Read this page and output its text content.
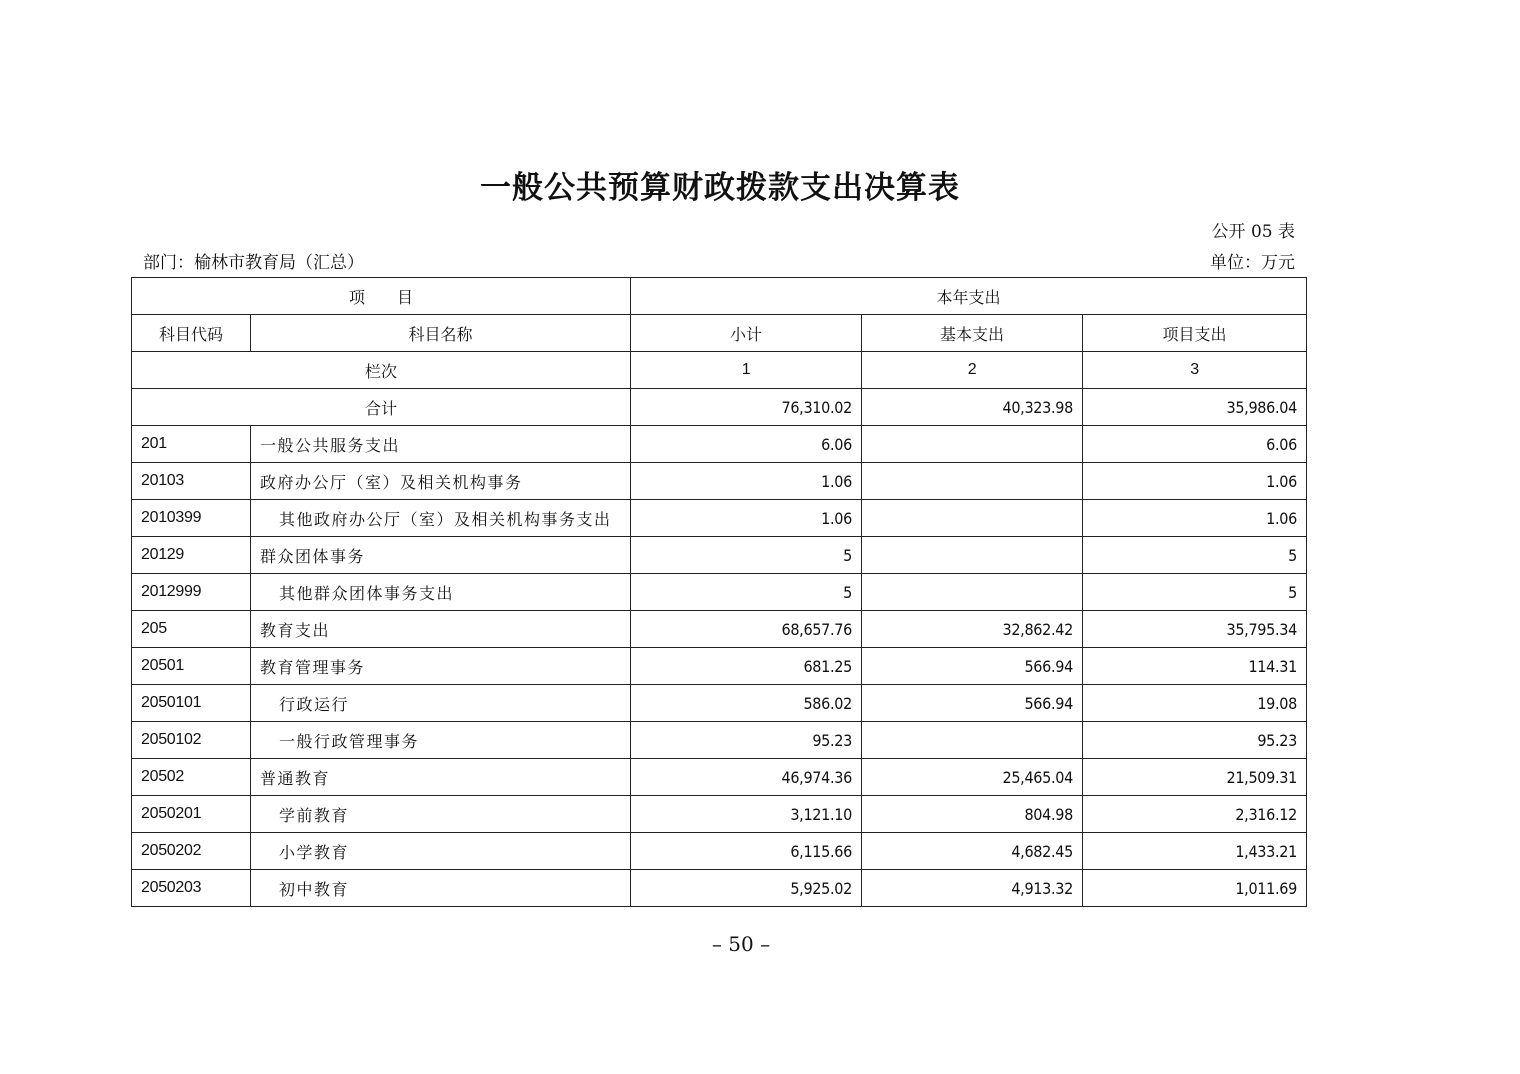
一般公共预算财政拨款支出决算表
公开 05 表
部门：榆林市教育局（汇总）	单位：万元
项　　目		本年支出		
科目代码	科目名称	小计	基本支出	项目支出
栏次		1	2	3
合计		76,310.02	40,323.98	35,986.04
201	一般公共服务支出	6.06		6.06
20103	政府办公厅（室）及相关机构事务	1.06		1.06
2010399	其他政府办公厅（室）及相关机构事务支出	1.06		1.06
20129	群众团体事务	5		5
2012999	其他群众团体事务支出	5		5
205	教育支出	68,657.76	32,862.42	35,795.34
20501	教育管理事务	681.25	566.94	114.31
2050101	行政运行	586.02	566.94	19.08
2050102	一般行政管理事务	95.23		95.23
20502	普通教育	46,974.36	25,465.04	21,509.31
2050201	学前教育	3,121.10	804.98	2,316.12
2050202	小学教育	6,115.66	4,682.45	1,433.21
2050203	初中教育	5,925.02	4,913.32	1,011.69
– 50 –
